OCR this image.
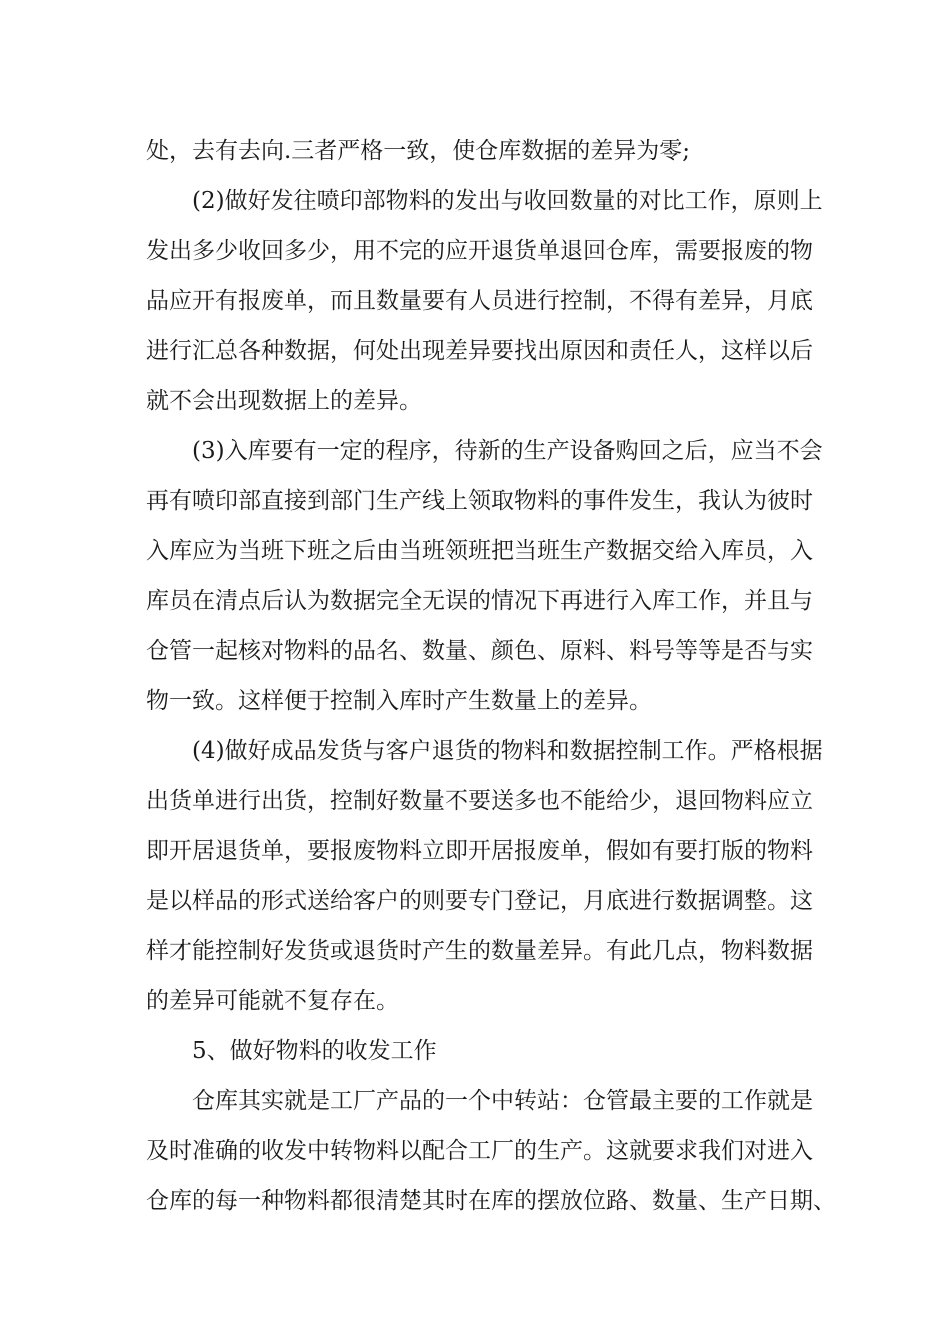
处，去有去向.三者严格一致，使仓库数据的差异为零;

(2)做好发往喷印部物料的发出与收回数量的对比工作，原则上

发出多少收回多少，用不完的应开退货单退回仓库，需要报废的物

品应开有报废单，而且数量要有人员进行控制，不得有差异，月底

进行汇总各种数据，何处出现差异要找出原因和责任人，这样以后

就不会出现数据上的差异。

(3)入库要有一定的程序，待新的生产设备购回之后，应当不会

再有喷印部直接到部门生产线上领取物料的事件发生，我认为彼时

入库应为当班下班之后由当班领班把当班生产数据交给入库员，入

库员在清点后认为数据完全无误的情况下再进行入库工作，并且与

仓管一起核对物料的品名、数量、颜色、原料、料号等等是否与实

物一致。这样便于控制入库时产生数量上的差异。

(4)做好成品发货与客户退货的物料和数据控制工作。严格根据

出货单进行出货，控制好数量不要送多也不能给少，退回物料应立

即开居退货单，要报废物料立即开居报废单，假如有要打版的物料

是以样品的形式送给客户的则要专门登记，月底进行数据调整。这

样才能控制好发货或退货时产生的数量差异。有此几点，物料数据

的差异可能就不复存在。

5、做好物料的收发工作

仓库其实就是工厂产品的一个中转站：仓管最主要的工作就是

及时准确的收发中转物料以配合工厂的生产。这就要求我们对进入

仓库的每一种物料都很清楚其时在库的摆放位路、数量、生产日期、
